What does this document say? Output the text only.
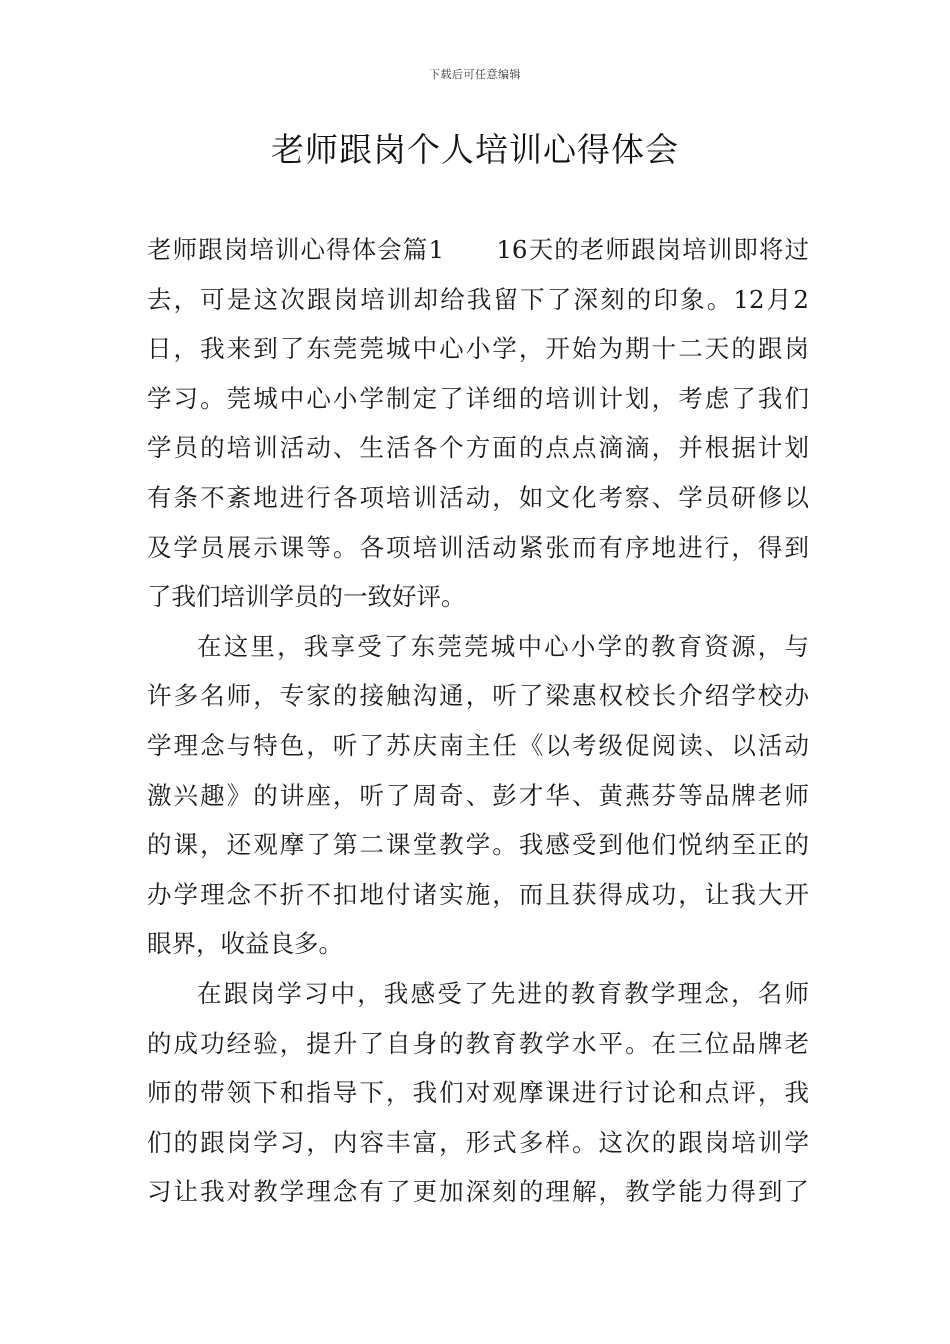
下载后可任意编辑
老师跟岗个人培训心得体会
老师跟岗培训心得体会篇1　　16天的老师跟岗培训即将过
去，可是这次跟岗培训却给我留下了深刻的印象。12月2
日，我来到了东莞莞城中心小学，开始为期十二天的跟岗
学习。莞城中心小学制定了详细的培训计划，考虑了我们
学员的培训活动、生活各个方面的点点滴滴，并根据计划
有条不紊地进行各项培训活动，如文化考察、学员研修以
及学员展示课等。各项培训活动紧张而有序地进行，得到
了我们培训学员的一致好评。
在这里，我享受了东莞莞城中心小学的教育资源，与
许多名师，专家的接触沟通，听了梁惠权校长介绍学校办
学理念与特色，听了苏庆南主任《以考级促阅读、以活动
激兴趣》的讲座，听了周奇、彭才华、黄燕芬等品牌老师
的课，还观摩了第二课堂教学。我感受到他们悦纳至正的
办学理念不折不扣地付诸实施，而且获得成功，让我大开
眼界，收益良多。
在跟岗学习中，我感受了先进的教育教学理念，名师
的成功经验，提升了自身的教育教学水平。在三位品牌老
师的带领下和指导下，我们对观摩课进行讨论和点评，我
们的跟岗学习，内容丰富，形式多样。这次的跟岗培训学
习让我对教学理念有了更加深刻的理解，教学能力得到了
